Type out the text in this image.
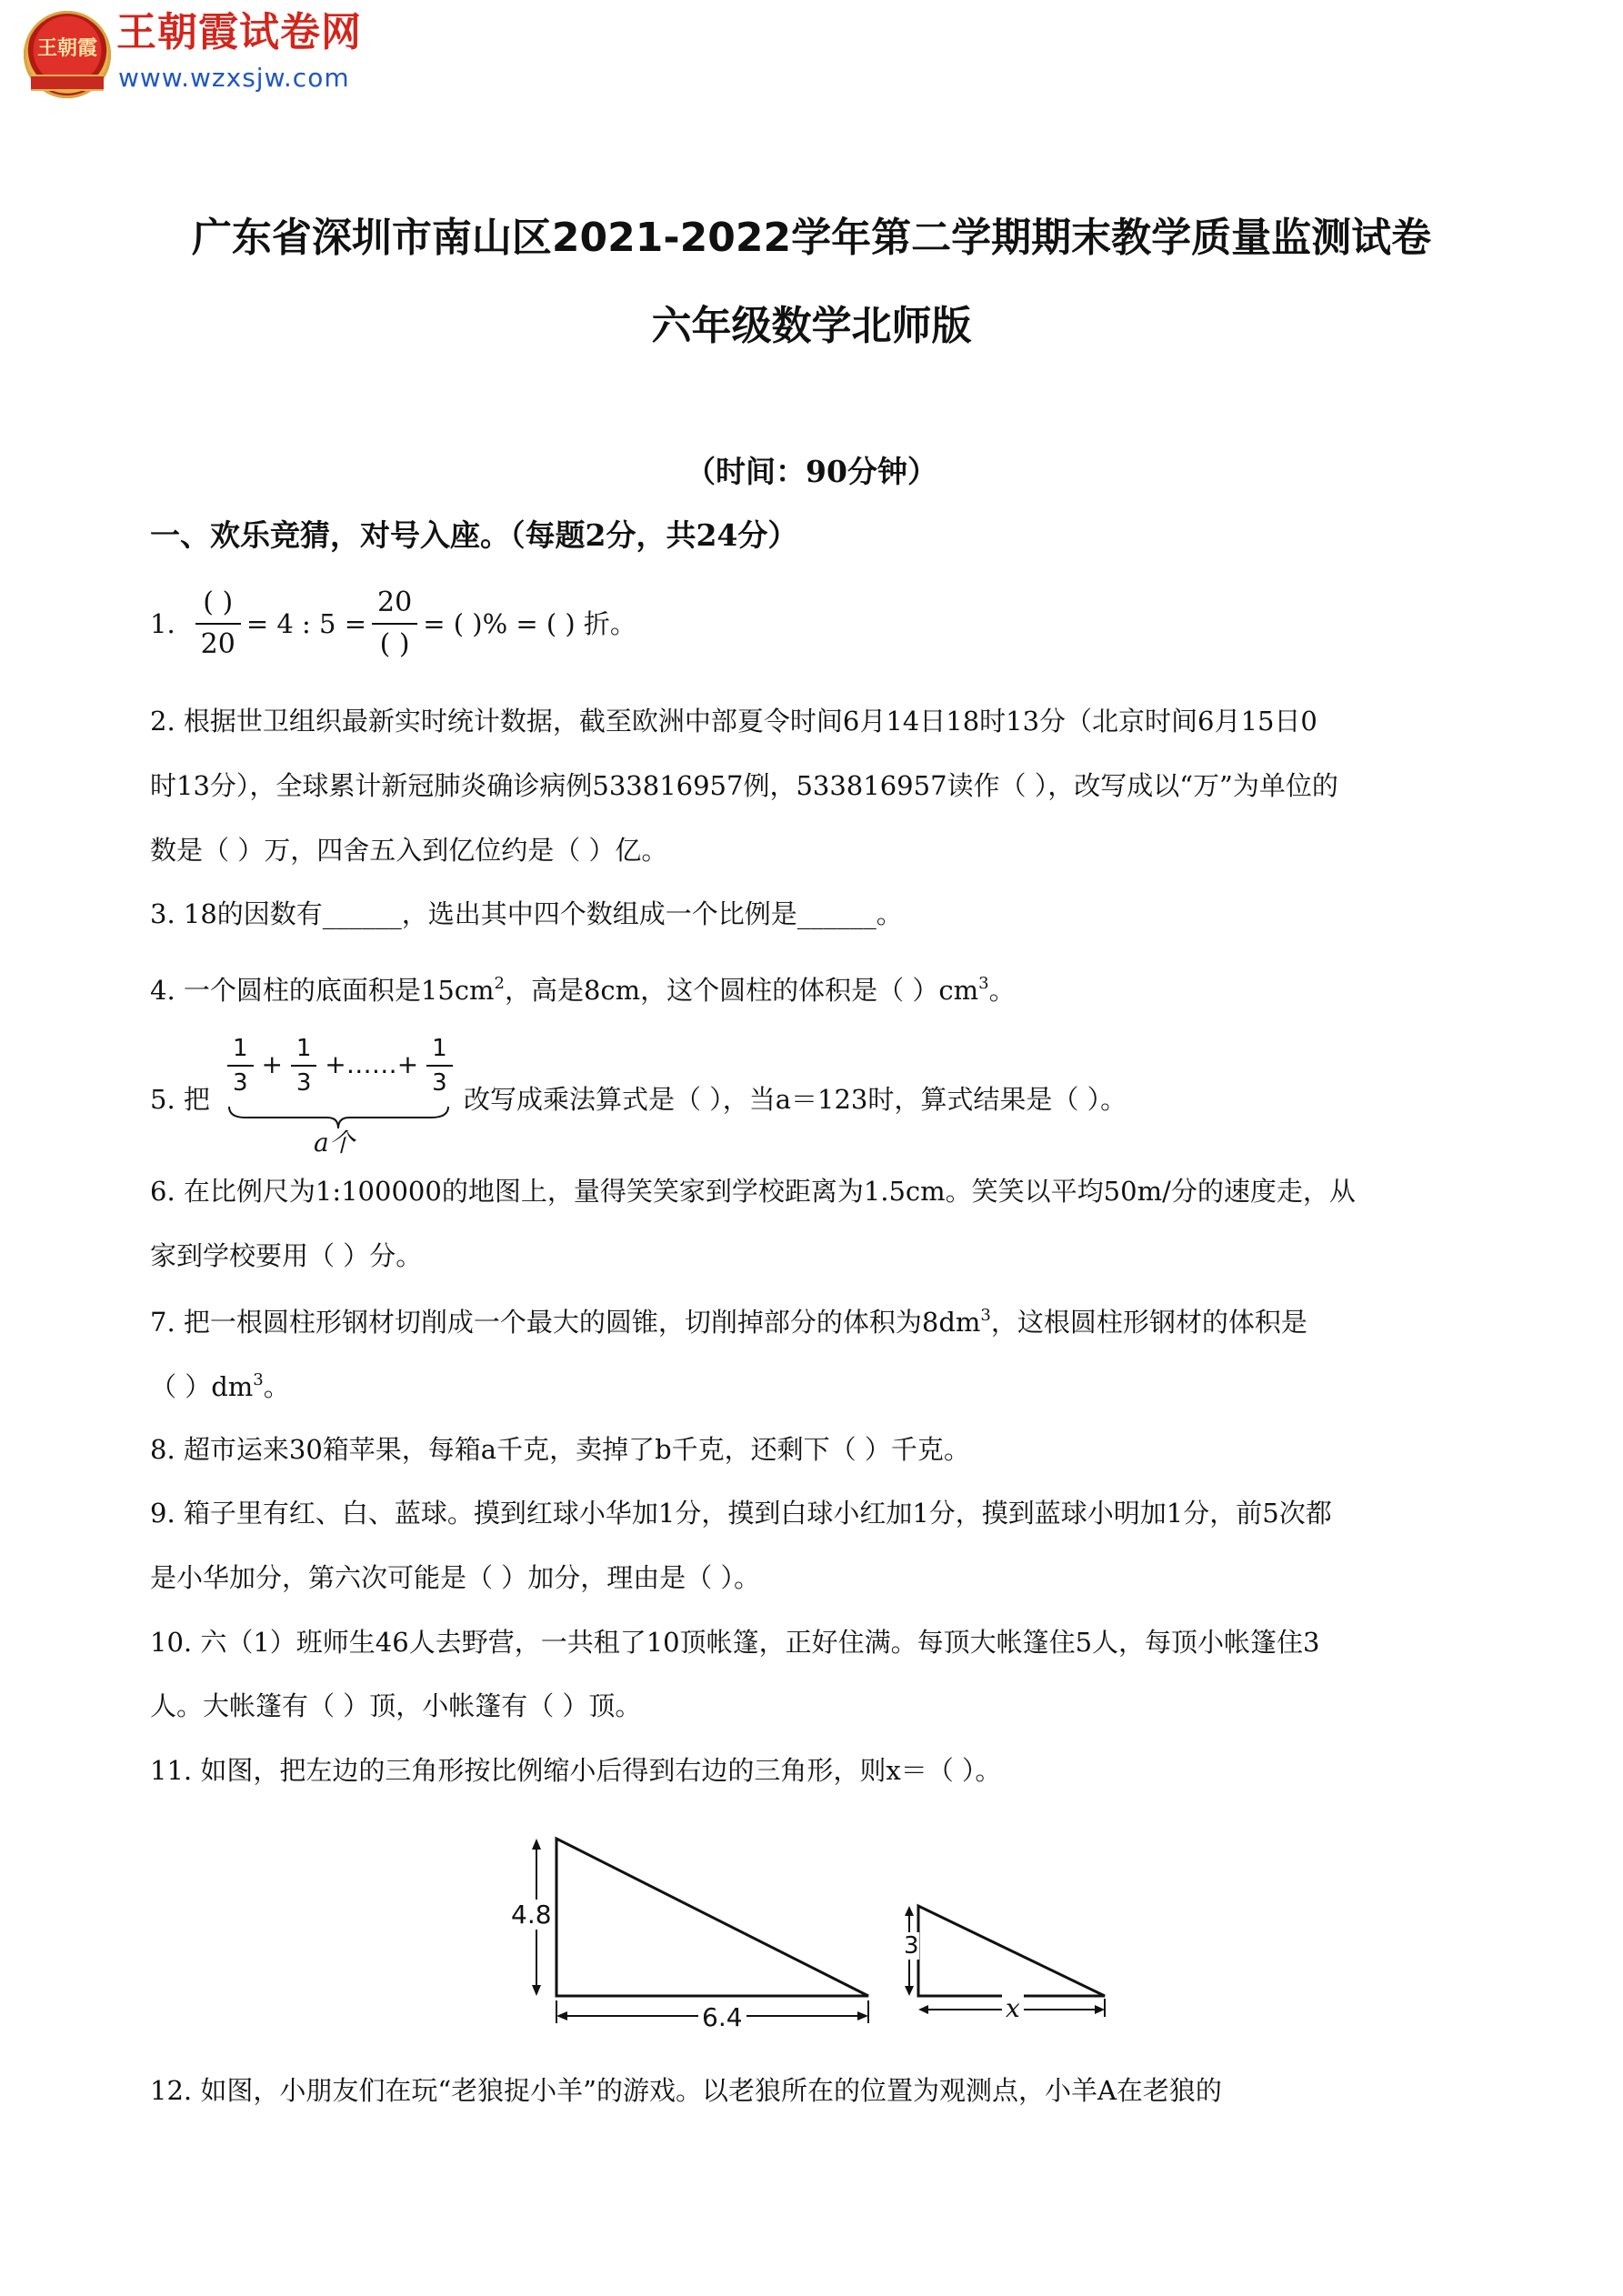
王朝霞 王朝霞试卷网
www.wzxsjw.com
广东省深圳市南山区2021-2022学年第二学期期末教学质量监测试卷
六年级数学北师版
（时间：90分钟）
一、欢乐竞猜，对号入座。（每题2分，共24分）
1. $\frac{( )}{20} = 4$ : $5 = \frac{20}{( )}$ = ( )% = ( ) 折。
2. 根据世卫组织最新实时统计数据，截至欧洲中部夏令时间6月14日18时13分（北京时间6月15日0
时13分），全球累计新冠肺炎确诊病例533816957例，533816957读作（ ），改写成以“万”为单位的
数是（ ）万，四舍五入到亿位约是（ ）亿。
3. 18的因数有______，选出其中四个数组成一个比例是______。
4. 一个圆柱的底面积是$15cm^2$，高是8cm，这个圆柱的体积是（ ）$cm^3$。
5. 把 $\frac{1}{3} + \frac{1}{3}$ +……+ $\frac{1}{3}$
a个
改写成乘法算式是（ ），当a＝123时，算式结果是（ ）。
6. 在比例尺为1:100000的地图上，量得笑笑家到学校距离为1.5cm。笑笑以平均50m/分的速度走，从
家到学校要用（ ）分。
7. 把一根圆柱形钢材切削成一个最大的圆锥，切削掉部分的体积为$8dm^3$，这根圆柱形钢材的体积是
（ ）$dm^3$。
8. 超市运来30箱苹果，每箱a千克，卖掉了b千克，还剩下（ ）千克。
9. 箱子里有红、白、蓝球。摸到红球小华加1分，摸到白球小红加1分，摸到蓝球小明加1分，前5次都
是小华加分，第六次可能是（ ）加分，理由是（ ）。
10. 六（1）班师生46人去野营，一共租了10顶帐篷，正好住满。每顶大帐篷住5人，每顶小帐篷住3
人。大帐篷有（ ）顶，小帐篷有（ ）顶。
11. 如图，把左边的三角形按比例缩小后得到右边的三角形，则x＝（ ）。
4.8
6.4
3
x
12. 如图，小朋友们在玩“老狼捉小羊”的游戏。以老狼所在的位置为观测点，小羊A在老狼的
